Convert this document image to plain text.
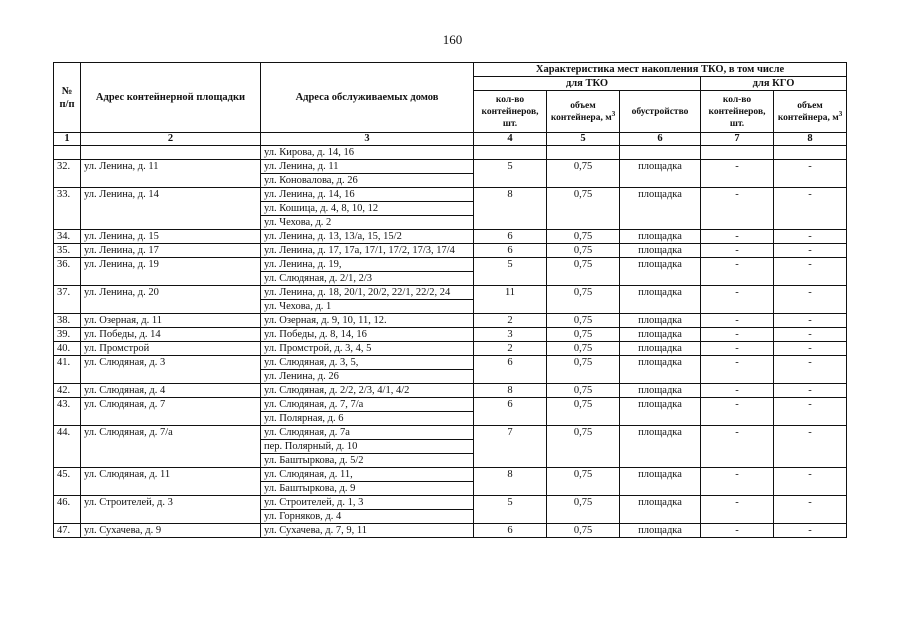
160
№ п/п	Адрес контейнерной площадки	Адреса обслуживаемых домов	Характеристика мест накопления ТКО, в том числе				
			для ТКО			для КГО	
			кол-во контейнеров, шт.	объем контейнера, $м^3$	обустройство	кол-во контейнеров, шт.	объем контейнера, $м^3$
1	2	3	4	5	6	7	8
		ул. Кирова, д. 14, 16					
32.	ул. Ленина, д. 11	ул. Ленина, д. 11	5	0,75	площадка	-	-
		ул. Коновалова, д. 26					
33.	ул. Ленина, д. 14	ул. Ленина, д. 14, 16	8	0,75	площадка	-	-
		ул. Кошица, д. 4, 8, 10, 12					
		ул. Чехова, д. 2					
34.	ул. Ленина, д. 15	ул. Ленина, д. 13, 13/а, 15, 15/2	6	0,75	площадка	-	-
35.	ул. Ленина, д. 17	ул. Ленина, д. 17, 17а, 17/1, 17/2, 17/3, 17/4	6	0,75	площадка	-	-
36.	ул. Ленина, д. 19	ул. Ленина, д. 19,	5	0,75	площадка	-	-
		ул. Слюдяная, д. 2/1, 2/3					
37.	ул. Ленина, д. 20	ул. Ленина, д. 18, 20/1, 20/2, 22/1, 22/2, 24	11	0,75	площадка	-	-
		ул. Чехова, д. 1					
38.	ул. Озерная, д. 11	ул. Озерная, д. 9, 10, 11, 12.	2	0,75	площадка	-	-
39.	ул. Победы, д. 14	ул. Победы, д. 8, 14, 16	3	0,75	площадка	-	-
40.	ул. Промстрой	ул. Промстрой, д. 3, 4, 5	2	0,75	площадка	-	-
41.	ул. Слюдяная, д. 3	ул. Слюдяная, д. 3, 5,	6	0,75	площадка	-	-
		ул. Ленина, д. 26					
42.	ул. Слюдяная, д. 4	ул. Слюдяная, д. 2/2, 2/3, 4/1, 4/2	8	0,75	площадка	-	-
43.	ул. Слюдяная, д. 7	ул. Слюдяная, д. 7, 7/а	6	0,75	площадка	-	-
		ул. Полярная, д. 6					
44.	ул. Слюдяная, д. 7/а	ул. Слюдяная, д. 7а	7	0,75	площадка	-	-
		пер. Полярный, д. 10					
		ул. Баштыркова, д. 5/2					
45.	ул. Слюдяная, д. 11	ул. Слюдяная, д. 11,	8	0,75	площадка	-	-
		ул. Баштыркова, д. 9					
46.	ул. Строителей, д. 3	ул. Строителей, д. 1, 3	5	0,75	площадка	-	-
		ул. Горняков, д. 4					
47.	ул. Сухачева, д. 9	ул. Сухачева, д. 7, 9, 11	6	0,75	площадка	-	-
